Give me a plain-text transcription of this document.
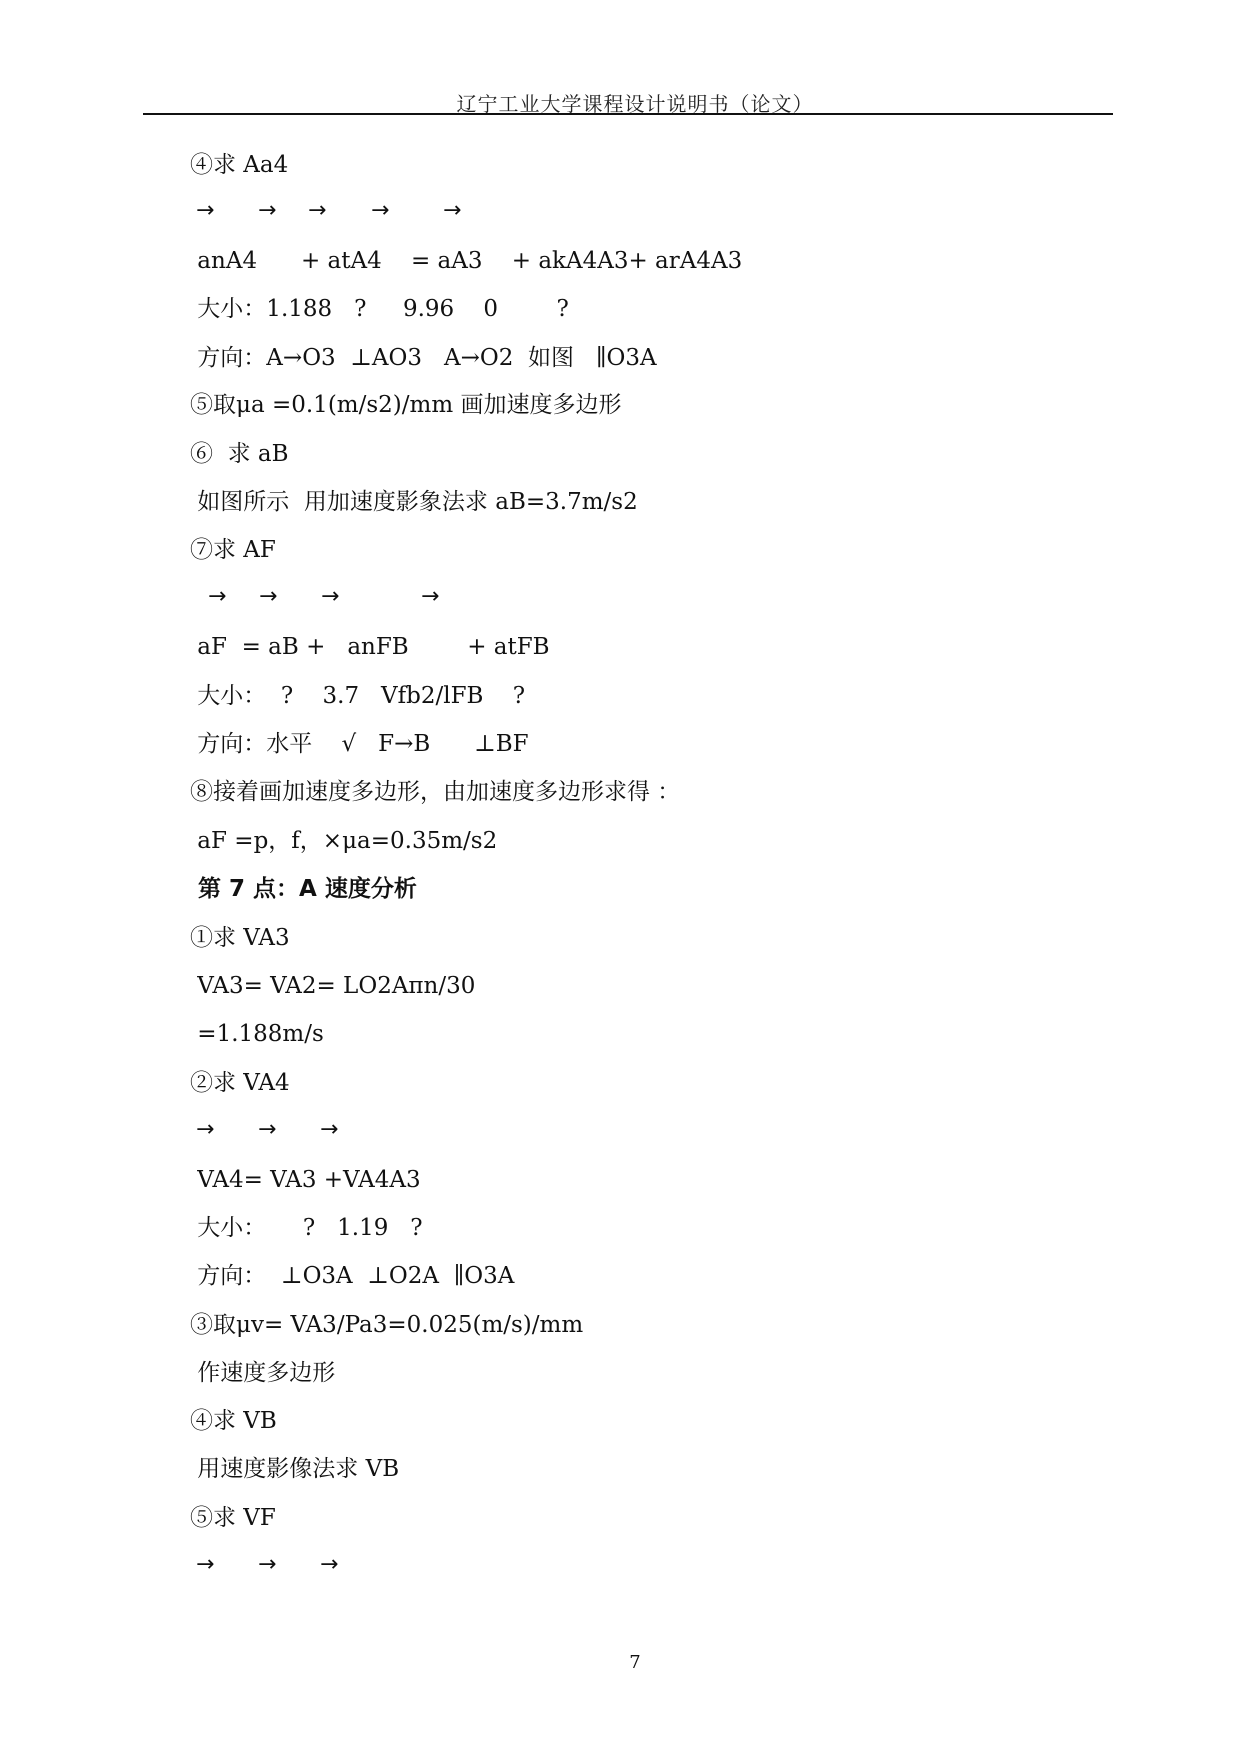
辽宁工业大学课程设计说明书（论文）
④求 Aa4
→ → → → →
anA4      + atA4    = aA3    + akA4A3+ arA4A3
大小：1.188   ?     9.96    0        ?
方向：A→O3  ⊥AO3   A→O2  如图   ∥O3A
⑤取μa =0.1(m/s2)/mm 画加速度多边形
⑥  求 aB
如图所示  用加速度影象法求 aB=3.7m/s2
⑦求 AF
→ → →	→
aF  = aB +   anFB        + atFB
大小：  ?    3.7   Vfb2/lFB    ?
方向：水平    √   F→B      ⊥BF
⑧接着画加速度多边形，由加速度多边形求得 ：
aF =p，f，×μa=0.35m/s2
第 7 点：A 速度分析
①求 VA3
VA3= VA2= LO2Aπn/30
=1.188m/s
②求 VA4
→ → →
VA4= VA3 +VA4A3
大小：     ?   1.19   ?
方向：  ⊥O3A  ⊥O2A  ∥O3A
③取μv= VA3/Pa3=0.025(m/s)/mm
作速度多边形
④求 VB
用速度影像法求 VB
⑤求 VF
→ → →
7
